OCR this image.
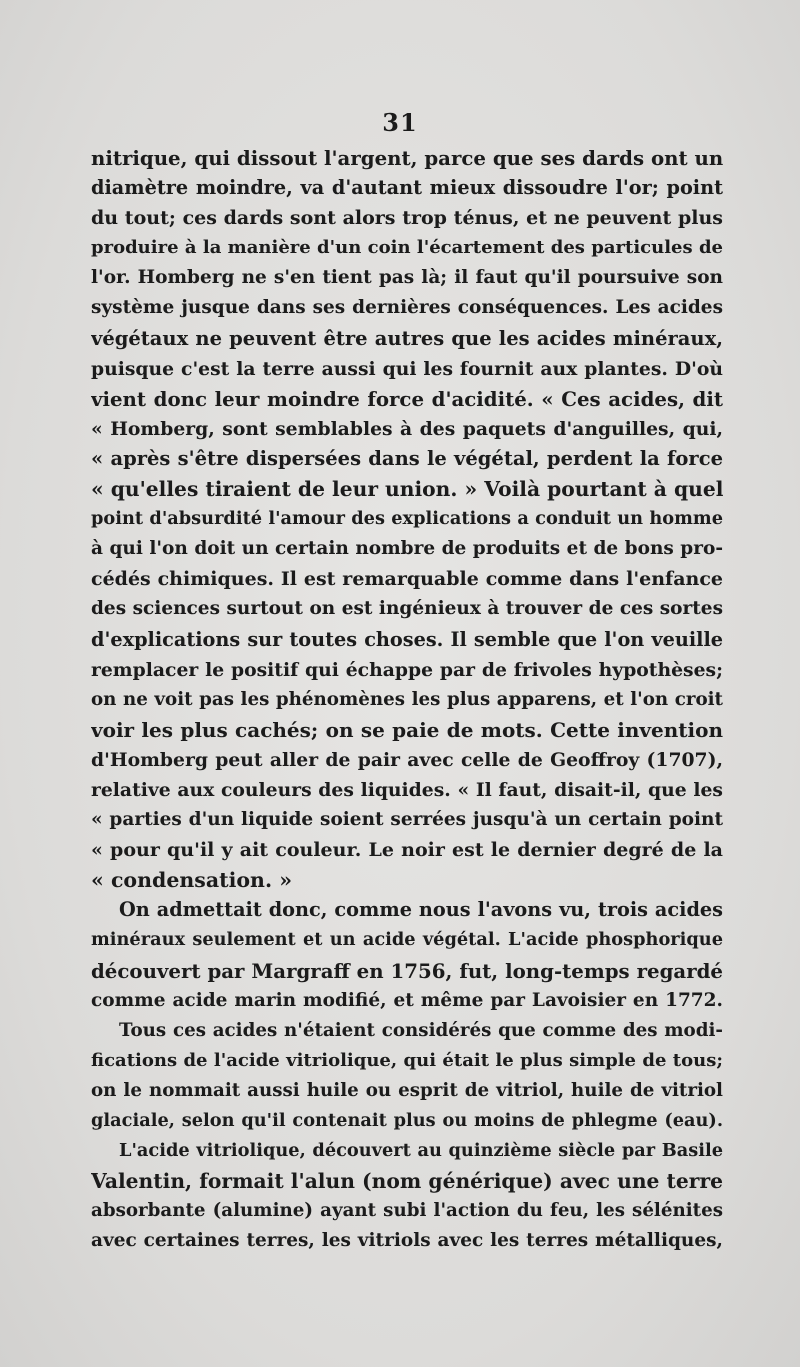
31
nitrique, qui dissout l'argent, parce que ses dards ont un
diamètre moindre, va d'autant mieux dissoudre l'or; point
du tout; ces dards sont alors trop ténus, et ne peuvent plus
produire à la manière d'un coin l'écartement des particules de
l'or. Homberg ne s'en tient pas là; il faut qu'il poursuive son
système jusque dans ses dernières conséquences. Les acides
végétaux ne peuvent être autres que les acides minéraux,
puisque c'est la terre aussi qui les fournit aux plantes. D'où
vient donc leur moindre force d'acidité. « Ces acides, dit
« Homberg, sont semblables à des paquets d'anguilles, qui,
« après s'être dispersées dans le végétal, perdent la force
« qu'elles tiraient de leur union. » Voilà pourtant à quel
point d'absurdité l'amour des explications a conduit un homme
à qui l'on doit un certain nombre de produits et de bons pro-
cédés chimiques. Il est remarquable comme dans l'enfance
des sciences surtout on est ingénieux à trouver de ces sortes
d'explications sur toutes choses. Il semble que l'on veuille
remplacer le positif qui échappe par de frivoles hypothèses;
on ne voit pas les phénomènes les plus apparens, et l'on croit
voir les plus cachés; on se paie de mots. Cette invention
d'Homberg peut aller de pair avec celle de Geoffroy (1707),
relative aux couleurs des liquides. « Il faut, disait-il, que les
« parties d'un liquide soient serrées jusqu'à un certain point
« pour qu'il y ait couleur. Le noir est le dernier degré de la
« condensation. »
On admettait donc, comme nous l'avons vu, trois acides
minéraux seulement et un acide végétal. L'acide phosphorique
découvert par Margraff en 1756, fut, long-temps regardé
comme acide marin modifié, et même par Lavoisier en 1772.
Tous ces acides n'étaient considérés que comme des modi-
fications de l'acide vitriolique, qui était le plus simple de tous;
on le nommait aussi huile ou esprit de vitriol, huile de vitriol
glaciale, selon qu'il contenait plus ou moins de phlegme (eau).
L'acide vitriolique, découvert au quinzième siècle par Basile
Valentin, formait l'alun (nom générique) avec une terre
absorbante (alumine) ayant subi l'action du feu, les sélénites
avec certaines terres, les vitriols avec les terres métalliques,
